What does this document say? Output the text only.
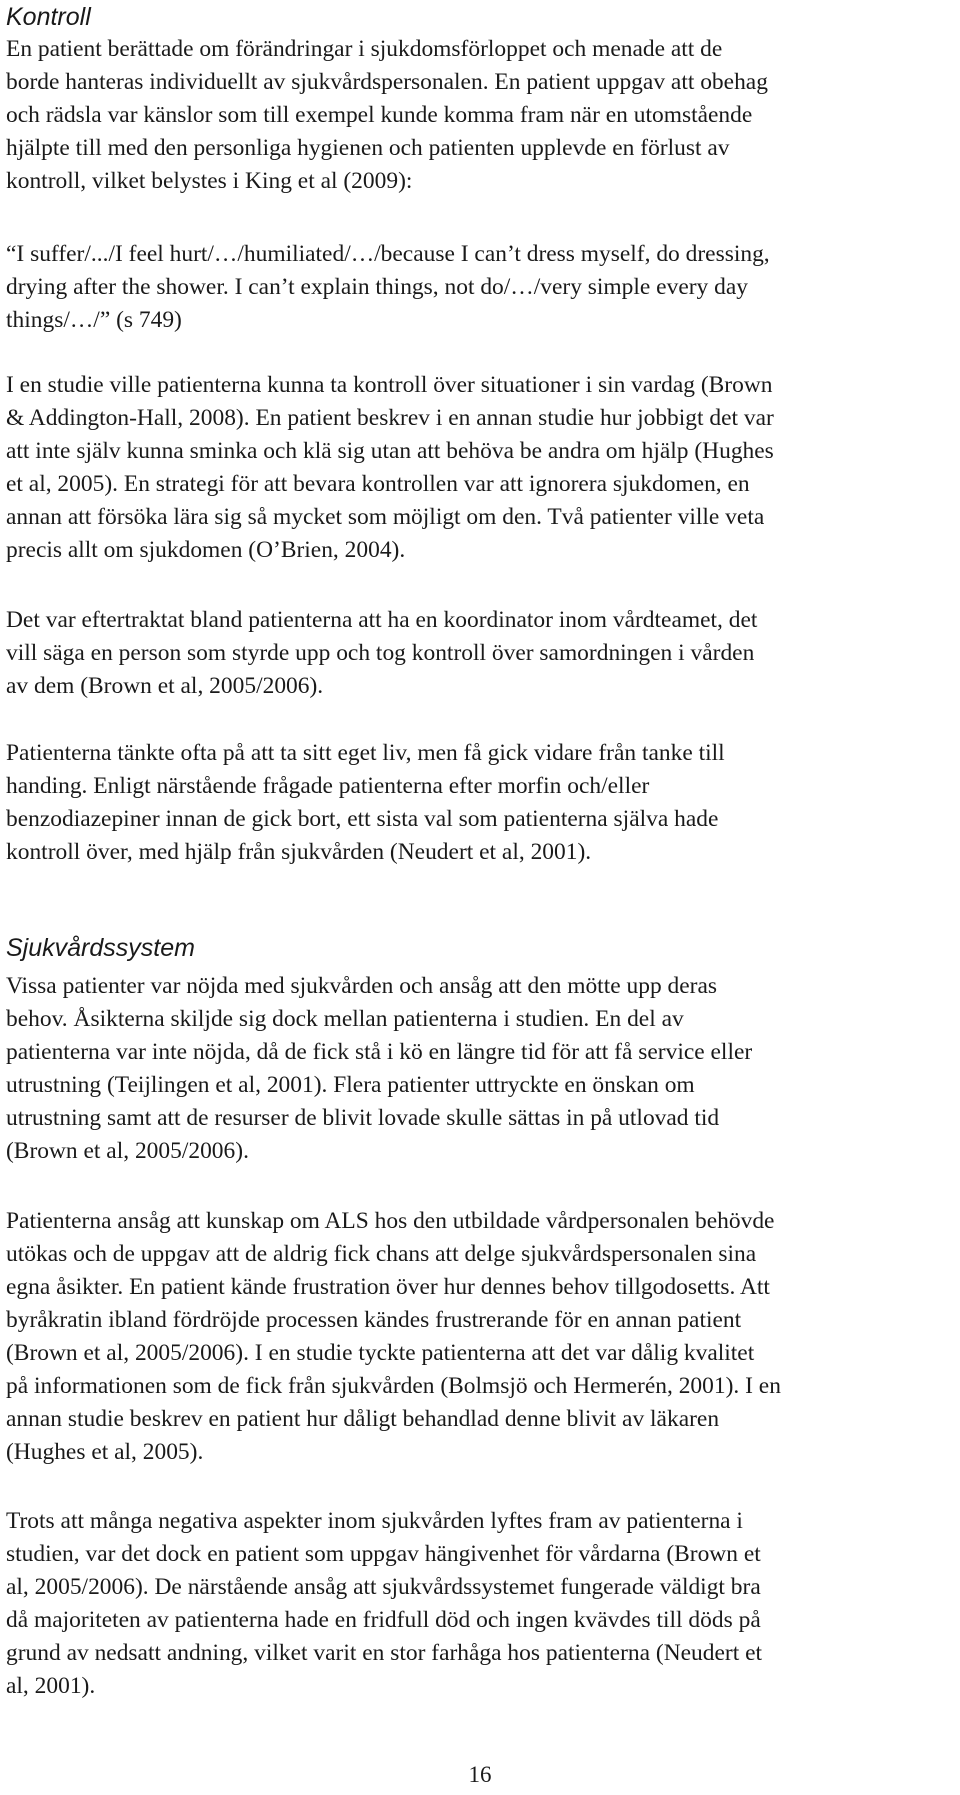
Kontroll

En patient berättade om förändringar i sjukdomsförloppet och menade att de
borde hanteras individuellt av sjukvårdspersonalen. En patient uppgav att obehag
och rädsla var känslor som till exempel kunde komma fram när en utomstående
hjälpte till med den personliga hygienen och patienten upplevde en förlust av
kontroll, vilket belystes i King et al (2009):

“I suffer/.../I feel hurt/…/humiliated/…/because I can’t dress myself, do dressing,
drying after the shower. I can’t explain things, not do/…/very simple every day
things/…/” (s 749)

I en studie ville patienterna kunna ta kontroll över situationer i sin vardag (Brown
& Addington-Hall, 2008). En patient beskrev i en annan studie hur jobbigt det var
att inte själv kunna sminka och klä sig utan att behöva be andra om hjälp (Hughes
et al, 2005). En strategi för att bevara kontrollen var att ignorera sjukdomen, en
annan att försöka lära sig så mycket som möjligt om den. Två patienter ville veta
precis allt om sjukdomen (O’Brien, 2004).

Det var eftertraktat bland patienterna att ha en koordinator inom vårdteamet, det
vill säga en person som styrde upp och tog kontroll över samordningen i vården
av dem (Brown et al, 2005/2006).

Patienterna tänkte ofta på att ta sitt eget liv, men få gick vidare från tanke till
handing. Enligt närstående frågade patienterna efter morfin och/eller
benzodiazepiner innan de gick bort, ett sista val som patienterna själva hade
kontroll över, med hjälp från sjukvården (Neudert et al, 2001).

Sjukvårdssystem

Vissa patienter var nöjda med sjukvården och ansåg att den mötte upp deras
behov. Åsikterna skiljde sig dock mellan patienterna i studien. En del av
patienterna var inte nöjda, då de fick stå i kö en längre tid för att få service eller
utrustning (Teijlingen et al, 2001). Flera patienter uttryckte en önskan om
utrustning samt att de resurser de blivit lovade skulle sättas in på utlovad tid
(Brown et al, 2005/2006).

Patienterna ansåg att kunskap om ALS hos den utbildade vårdpersonalen behövde
utökas och de uppgav att de aldrig fick chans att delge sjukvårdspersonalen sina
egna åsikter. En patient kände frustration över hur dennes behov tillgodosetts. Att
byråkratin ibland fördröjde processen kändes frustrerande för en annan patient
(Brown et al, 2005/2006). I en studie tyckte patienterna att det var dålig kvalitet
på informationen som de fick från sjukvården (Bolmsjö och Hermerén, 2001). I en
annan studie beskrev en patient hur dåligt behandlad denne blivit av läkaren
(Hughes et al, 2005).

Trots att många negativa aspekter inom sjukvården lyftes fram av patienterna i
studien, var det dock en patient som uppgav hängivenhet för vårdarna (Brown et
al, 2005/2006). De närstående ansåg att sjukvårdssystemet fungerade väldigt bra
då majoriteten av patienterna hade en fridfull död och ingen kvävdes till döds på
grund av nedsatt andning, vilket varit en stor farhåga hos patienterna (Neudert et
al, 2001).

16
